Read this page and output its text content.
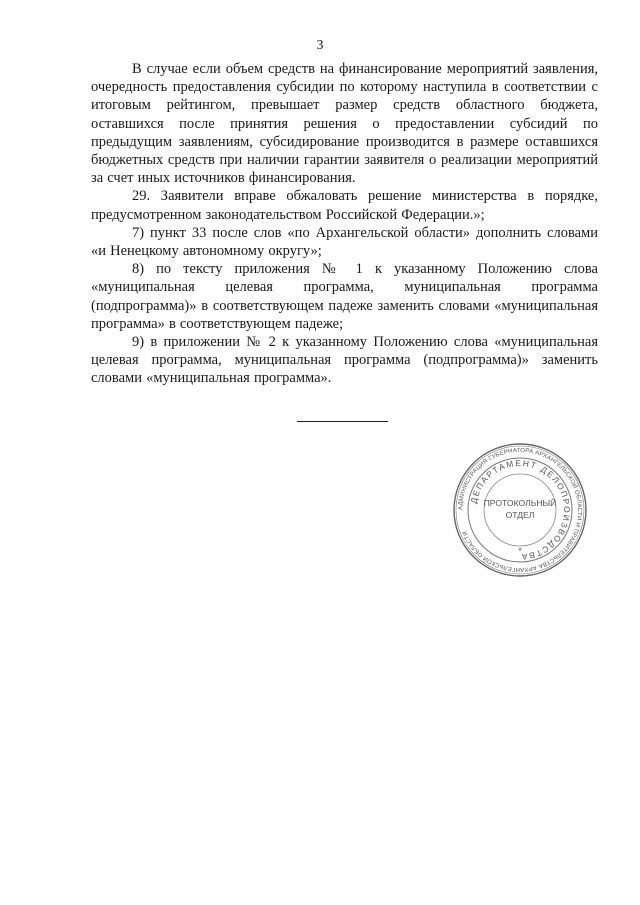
3

В случае если объем средств на финансирование мероприятий заявления, очередность предоставления субсидии по которому наступила в соответствии с итоговым рейтингом, превышает размер средств областного бюджета, оставшихся после принятия решения о предоставлении субсидий по предыдущим заявлениям, субсидирование производится в размере оставшихся бюджетных средств при наличии гарантии заявителя о реализации мероприятий за счет иных источников финансирования.

29. Заявители вправе обжаловать решение министерства в порядке, предусмотренном законодательством Российской Федерации.»;

7) пункт 33 после слов «по Архангельской области» дополнить словами «и Ненецкому автономному округу»;

8) по тексту приложения № 1 к указанному Положению слова «муниципальная целевая программа, муниципальная программа (подпрограмма)» в соответствующем падеже заменить словами «муниципальная программа» в соответствующем падеже;

9) в приложении № 2 к указанному Положению слова «муниципальная целевая программа, муниципальная программа (подпрограмма)» заменить словами «муниципальная программа».

АДМИНИСТРАЦИЯ ГУБЕРНАТОРА АРХАНГЕЛЬСКОЙ ОБЛАСТИ И ПРАВИТЕЛЬСТВА АРХАНГЕЛЬСКОЙ ОБЛАСТИ
ДЕПАРТАМЕНТ ДЕЛОПРОИЗВОДСТВА
ПРОТОКОЛЬНЫЙ
ОТДЕЛ
*
